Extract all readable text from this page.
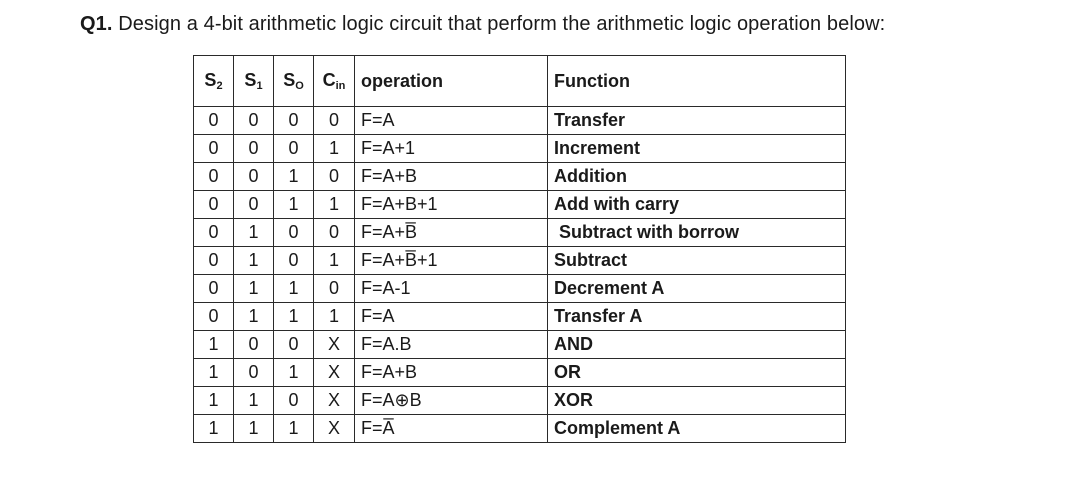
Q1. Design a 4-bit arithmetic logic circuit that perform the arithmetic logic operation below:
$S_2$	$S_1$	$S_O$	$C_{in}$	operation	Function
0	0	0	0	F=A	Transfer
0	0	0	1	F=A+1	Increment
0	0	1	0	F=A+B	Addition
0	0	1	1	F=A+B+1	Add with carry
0	1	0	0	F=A+B̅	Subtract with borrow
0	1	0	1	F=A+B̅+1	Subtract
0	1	1	0	F=A-1	Decrement A
0	1	1	1	F=A	Transfer A
1	0	0	X	F=A.B	AND
1	0	1	X	F=A+B	OR
1	1	0	X	F=A⊕B	XOR
1	1	1	X	F=A̅	Complement A
